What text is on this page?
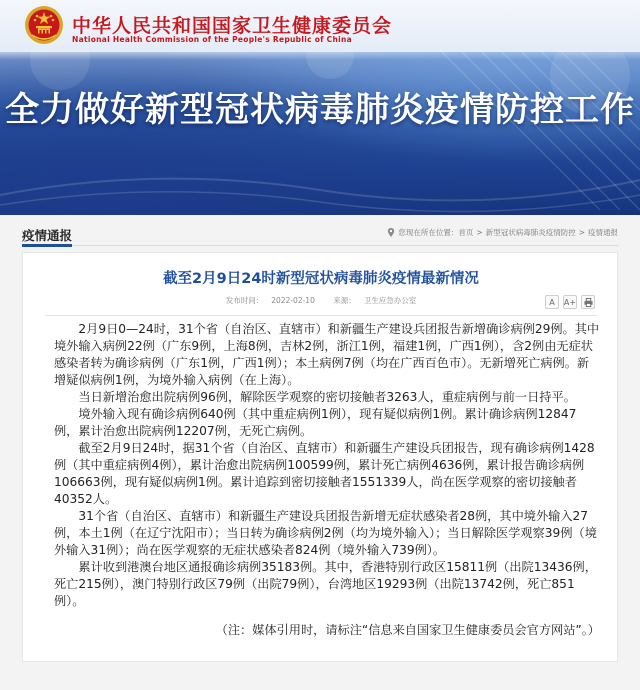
中华人民共和国国家卫生健康委员会
National Health Commission of the People's Republic of China
全力做好新型冠状病毒肺炎疫情防控工作
疫情通报	您现在所在位置： 首页 > 新型冠状病毒肺炎疫情防控 > 疫情通报
截至2月9日24时新型冠状病毒肺炎疫情最新情况
发布时间： 2022-02-10 来源： 卫生应急办公室	A	A+

2月9日0—24时，31个省（自治区、直辖市）和新疆生产建设兵团报告新增确诊病例29例。其中境外输入病例22例（广东9例，上海8例，吉林2例，浙江1例，福建1例，广西1例），含2例由无症状感染者转为确诊病例（广东1例，广西1例）；本土病例7例（均在广西百色市）。无新增死亡病例。新增疑似病例1例，为境外输入病例（在上海）。

当日新增治愈出院病例96例，解除医学观察的密切接触者3263人，重症病例与前一日持平。

境外输入现有确诊病例640例（其中重症病例1例），现有疑似病例1例。累计确诊病例12847例，累计治愈出院病例12207例，无死亡病例。

截至2月9日24时，据31个省（自治区、直辖市）和新疆生产建设兵团报告，现有确诊病例1428例（其中重症病例4例），累计治愈出院病例100599例，累计死亡病例4636例，累计报告确诊病例106663例，现有疑似病例1例。累计追踪到密切接触者1551339人，尚在医学观察的密切接触者40352人。

31个省（自治区、直辖市）和新疆生产建设兵团报告新增无症状感染者28例，其中境外输入27例，本土1例（在辽宁沈阳市）；当日转为确诊病例2例（均为境外输入）；当日解除医学观察39例（境外输入31例）；尚在医学观察的无症状感染者824例（境外输入739例）。

累计收到港澳台地区通报确诊病例35183例。其中，香港特别行政区15811例（出院13436例，死亡215例），澳门特别行政区79例（出院79例），台湾地区19293例（出院13742例，死亡851例）。

（注：媒体引用时，请标注“信息来自国家卫生健康委员会官方网站”。）
